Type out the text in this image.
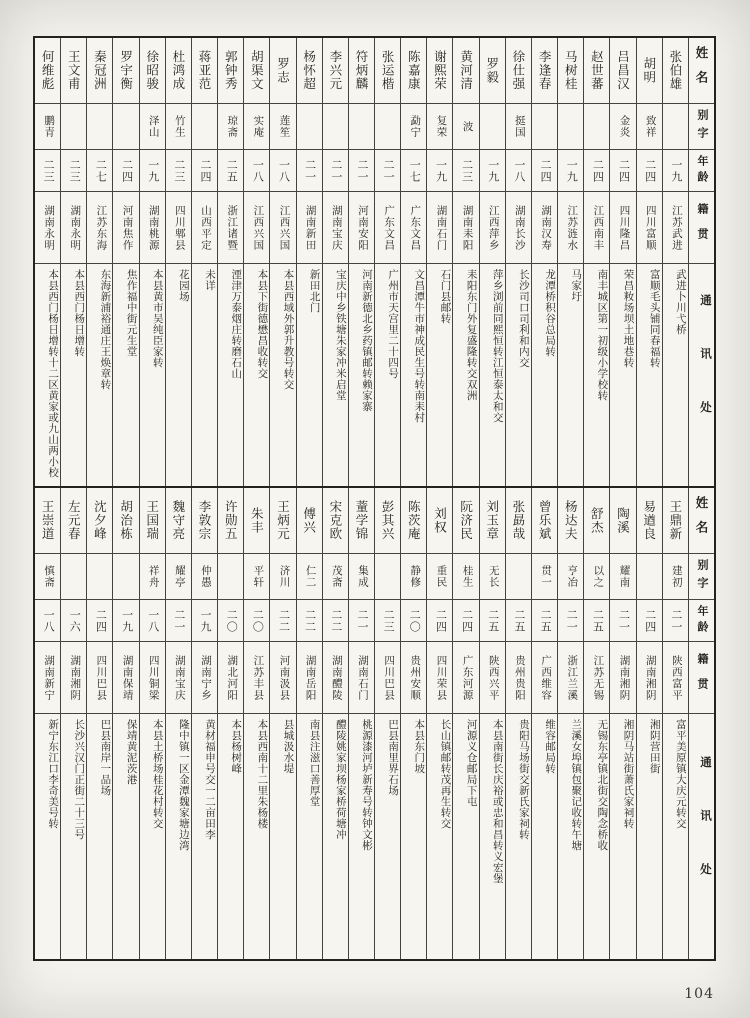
姓名
别字
年龄
籍贯
通讯处
张伯雄
一九
江苏武进
武进卜川弋桥
胡明
致祥
二四
四川富顺
富顺毛头铺同春福转
吕昌汉
金炎
二四
四川隆昌
荣昌籹场坝土地巷转
赵世蕃
二四
江西南丰
南丰城区第一初级小学校转
马树桂
一九
江苏涟水
马家圩
李逢春
二四
湖南汉寿
龙潭桥积谷总局转
徐仕强
挺国
一八
湖南长沙
长沙司口司利和内交
罗毅
一九
江西萍乡
萍乡浏前同熙恒转江恒泰太和交
黄河清
波
二三
湖南耒阳
耒阳东门外复盛隆转交双洲
谢熙荣
复荣
一九
湖南石门
石门县邮转
陈嘉康
勐宁
一七
广东文昌
文昌潭牛市神成民生号转南耒村
张运楷
二一
广东文昌
广州市天宫里二十四号
符炳麟
二一
河南安阳
河南新德北乡药镇邮转赖家寨
李兴元
二一
湖南宝庆
宝庆中乡铁塘朱家冲米启堂
杨怀超
二一
湖南新田
新田北门
罗志
莲笙
一八
江西兴国
本县西域外郭升教号转交
胡渠文
实庵
一八
江西兴国
本县下街德懋昌收转交
郭钟秀
琼斋
二五
浙江诸暨
湮津万泰烟庄转磨石山
蒋亚范
二四
山西平定
未详
杜鸿成
竹生
二三
四川郫县
花园场
徐昭骏
泽山
一九
湖南桃源
本县黄市吴纯臣家转
罗宇衡
二四
河南焦作
焦作福中街元生堂
秦冠洲
二七
江苏东海
东海新浦裕通庄王焕章转
王文甫
二三
湖南永明
本县西门杨日增转
何维彪
鹏青
二三
湖南永明
本县西门杨日增转十二区黄家或九山两小校
姓名
别字
年龄
籍贯
通讯处
王鼎新
建初
二一
陕西富平
富平美原镇大庆元转交
易遒良
二四
湖南湘阴
湘阴营田街
陶溪
耀南
二一
湖南湘阴
湘阴马站街萧氏家祠转
舒杰
以之
二五
江苏无锡
无锡东亭镇北街交陶念桥收
杨达夫
亨冶
二一
浙江兰溪
兰溪女埠镇包聚记收转午塘
曾乐斌
贯一
二五
广西维容
维容邮局转
张勗哉
二五
贵州贵阳
贵阳马场街交新氏家祠转
刘玉章
无长
二五
陕西兴平
本县南街长庆裕或忠和昌转义宏堡
阮济民
桂生
二四
广东河源
河源义仓邮局下屯
刘权
重民
二四
四川荣县
长山镇邮转茂再生转交
陈茨庵
静修
二〇
贵州安顺
本县东门坡
彭其兴
二三
四川巴县
巴县南里界石场
蕫学锦
集成
二一
湖南石门
桃源漆河垆新寿号转钟文彬
宋克欧
茂斋
二二
湖南醴陵
醴陵姚家坝杨家桥荷塘冲
傅兴
仁二
二二
湖南岳阳
南县注滋口善厚堂
王炳元
济川
二二
河南汲县
县城汲水堤
朱丰
平轩
二〇
江苏丰县
本县西南十二里朱杨楼
许勋五
二〇
湖北河阳
本县杨树峰
李敦宗
仲愚
一九
湖南宁乡
黄材福申号交一二亩田李
魏守亮
耀亭
二一
湖南宝庆
隆中镇一区金潭魏家塘边湾
王国瑞
祥舟
一八
四川铜梁
本县土桥场桂花村转交
胡治栋
一九
湖南保靖
保靖黄泥茨港
沈夕峰
二四
四川巴县
巴县南岸一品场
左元春
一六
湖南湘阴
长沙兴汉门正街二十三号
王崇道
慎斋
一八
湖南新宁
新宁东江口李奇美号转
104
